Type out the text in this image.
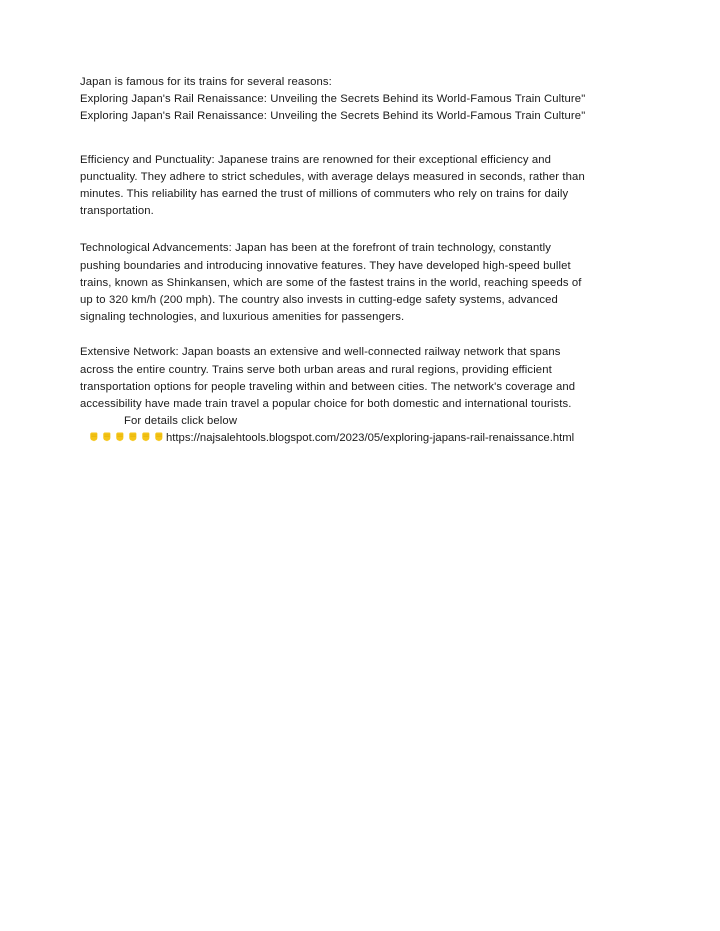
Japan is famous for its trains for several reasons:

Exploring Japan's Rail Renaissance: Unveiling the Secrets Behind its World-Famous Train Culture"

Exploring Japan's Rail Renaissance: Unveiling the Secrets Behind its World-Famous Train Culture"

Efficiency and Punctuality: Japanese trains are renowned for their exceptional efficiency and punctuality. They adhere to strict schedules, with average delays measured in seconds, rather than minutes. This reliability has earned the trust of millions of commuters who rely on trains for daily transportation.

Technological Advancements: Japan has been at the forefront of train technology, constantly pushing boundaries and introducing innovative features. They have developed high-speed bullet trains, known as Shinkansen, which are some of the fastest trains in the world, reaching speeds of up to 320 km/h (200 mph). The country also invests in cutting-edge safety systems, advanced signaling technologies, and luxurious amenities for passengers.

Extensive Network: Japan boasts an extensive and well-connected railway network that spans across the entire country. Trains serve both urban areas and rural regions, providing efficient transportation options for people traveling within and between cities. The network's coverage and accessibility have made train travel a popular choice for both domestic and international tourists.For details click below

https://najsalehtools.blogspot.com/2023/05/exploring-japans-rail-renaissance.html
